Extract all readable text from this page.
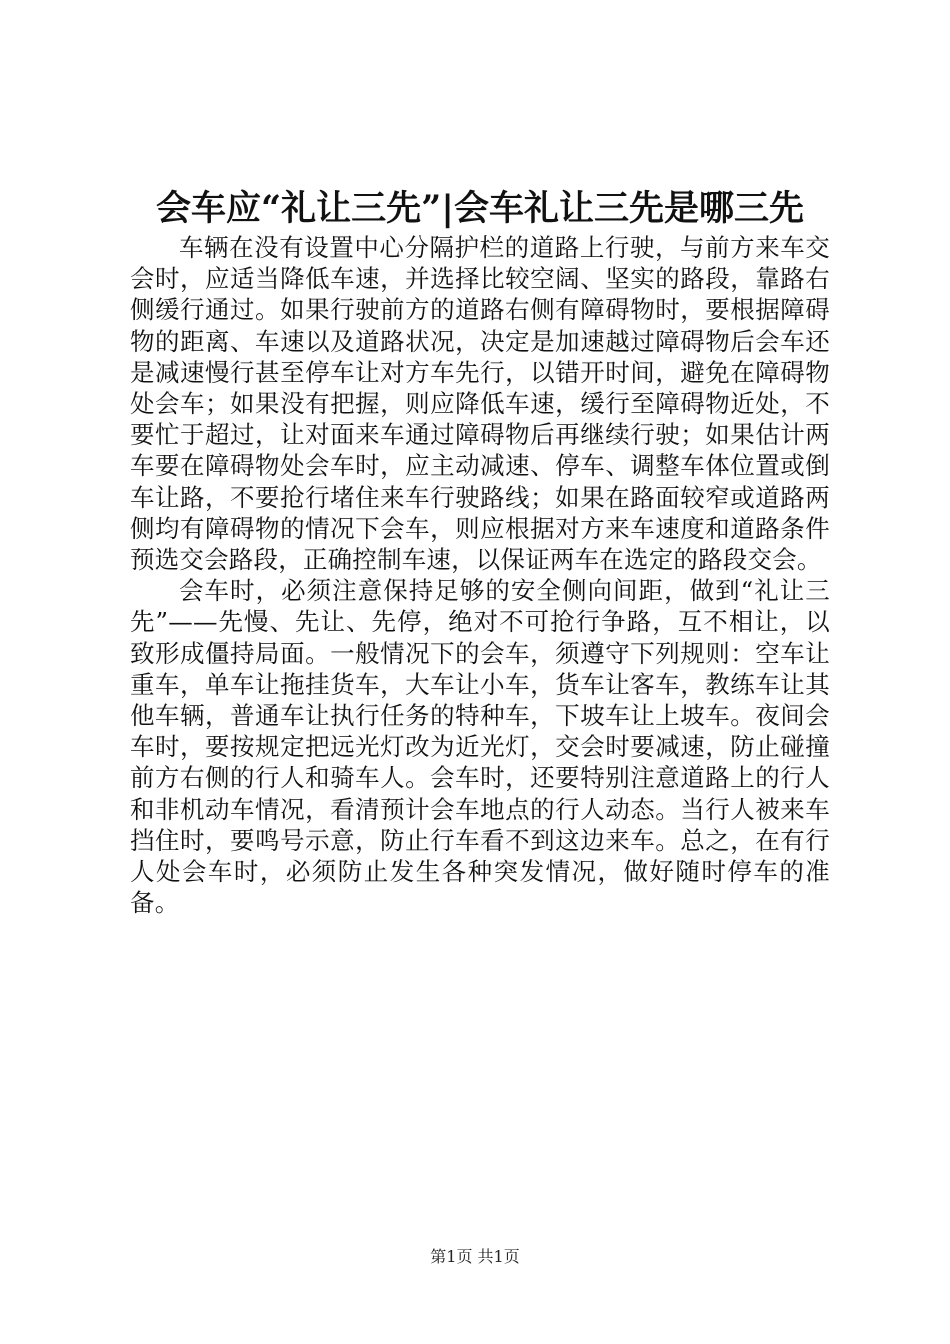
会车应“礼让三先”|会车礼让三先是哪三先

车辆在没有设置中心分隔护栏的道路上行驶，与前方来车交会时，应适当降低车速，并选择比较空阔、坚实的路段，靠路右侧缓行通过。如果行驶前方的道路右侧有障碍物时，要根据障碍物的距离、车速以及道路状况，决定是加速越过障碍物后会车还是减速慢行甚至停车让对方车先行，以错开时间，避免在障碍物处会车；如果没有把握，则应降低车速，缓行至障碍物近处，不要忙于超过，让对面来车通过障碍物后再继续行驶；如果估计两车要在障碍物处会车时，应主动减速、停车、调整车体位置或倒车让路，不要抢行堵住来车行驶路线；如果在路面较窄或道路两侧均有障碍物的情况下会车，则应根据对方来车速度和道路条件预选交会路段，正确控制车速，以保证两车在选定的路段交会。

会车时，必须注意保持足够的安全侧向间距，做到“礼让三先”——先慢、先让、先停，绝对不可抢行争路，互不相让，以致形成僵持局面。一般情况下的会车，须遵守下列规则：空车让重车，单车让拖挂货车，大车让小车，货车让客车，教练车让其他车辆，普通车让执行任务的特种车，下坡车让上坡车。夜间会车时，要按规定把远光灯改为近光灯，交会时要减速，防止碰撞前方右侧的行人和骑车人。会车时，还要特别注意道路上的行人和非机动车情况，看清预计会车地点的行人动态。当行人被来车挡住时，要鸣号示意，防止行车看不到这边来车。总之，在有行人处会车时，必须防止发生各种突发情况，做好随时停车的准备。

第1页 共1页
